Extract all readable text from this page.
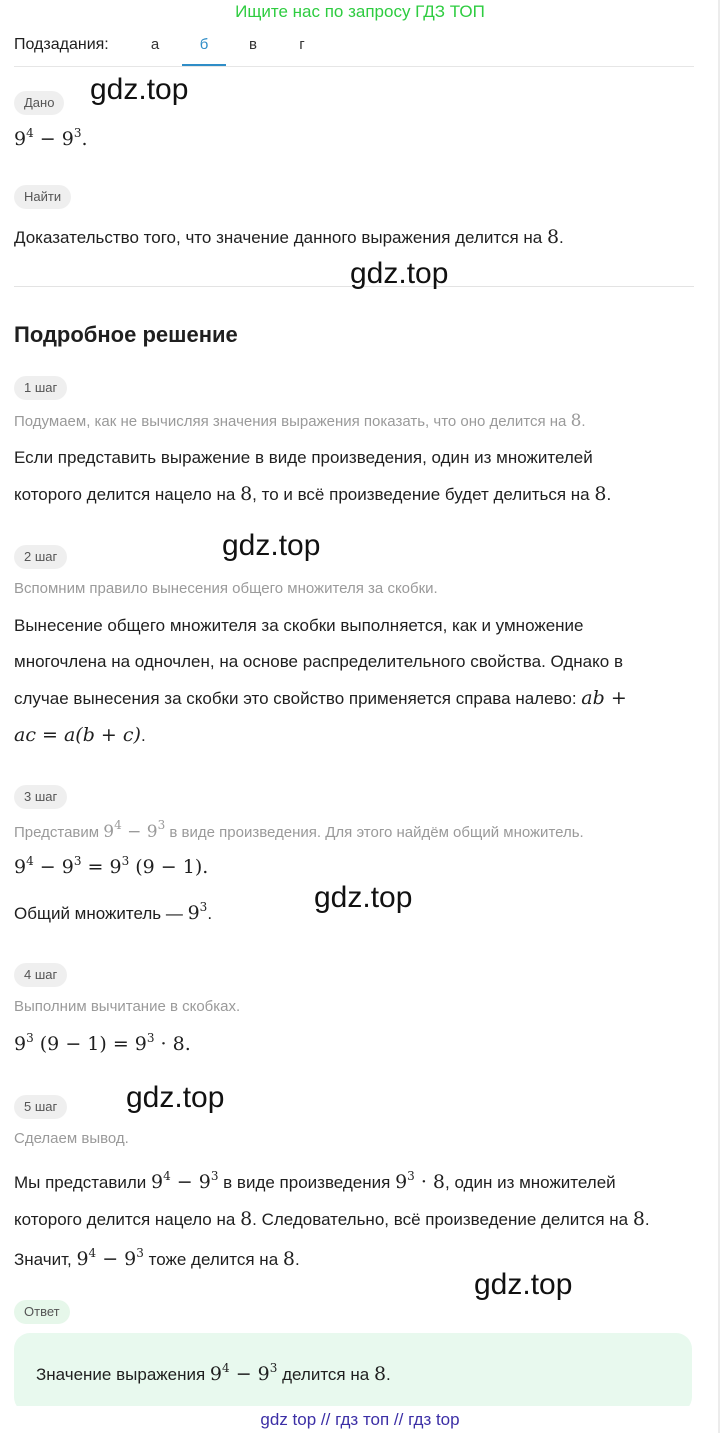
Ищите нас по запросу ГДЗ ТОП
Подзадания:	а	б	в	г
Дано
$9^4 - 9^3$.
Найти
Доказательство того, что значение данного выражения делится на 8.
Подробное решение
1 шаг
Подумаем, как не вычисляя значения выражения показать, что оно делится на 8.
Если представить выражение в виде произведения, один из множителей
которого делится нацело на 8, то и всё произведение будет делиться на 8.
2 шаг
Вспомним правило вынесения общего множителя за скобки.
Вынесение общего множителя за скобки выполняется, как и умножение
многочлена на одночлен, на основе распределительного свойства. Однако в
случае вынесения за скобки это свойство применяется справа налево: ab +
ac = a(b + c).
3 шаг
Представим $9^4 - 9^3$ в виде произведения. Для этого найдём общий множитель.
$9^4 - 9^3 = 9^3$ (9 − 1).
Общий множитель — $9^3$.
4 шаг
Выполним вычитание в скобках.
$9^3$ $(9 - 1) = 9^3 \cdot 8$.
5 шаг
Сделаем вывод.
Мы представили $9^4 - 9^3$ в виде произведения $9^3 \cdot 8$, один из множителей
которого делится нацело на 8. Следовательно, всё произведение делится на 8.
Значит, $9^4 - 9^3$ тоже делится на 8.
Ответ
Значение выражения $9^4 - 9^3$ делится на 8.
gdz.top
gdz.top
gdz.top
gdz.top
gdz.top
gdz.top
gdz top // гдз топ // гдз top
